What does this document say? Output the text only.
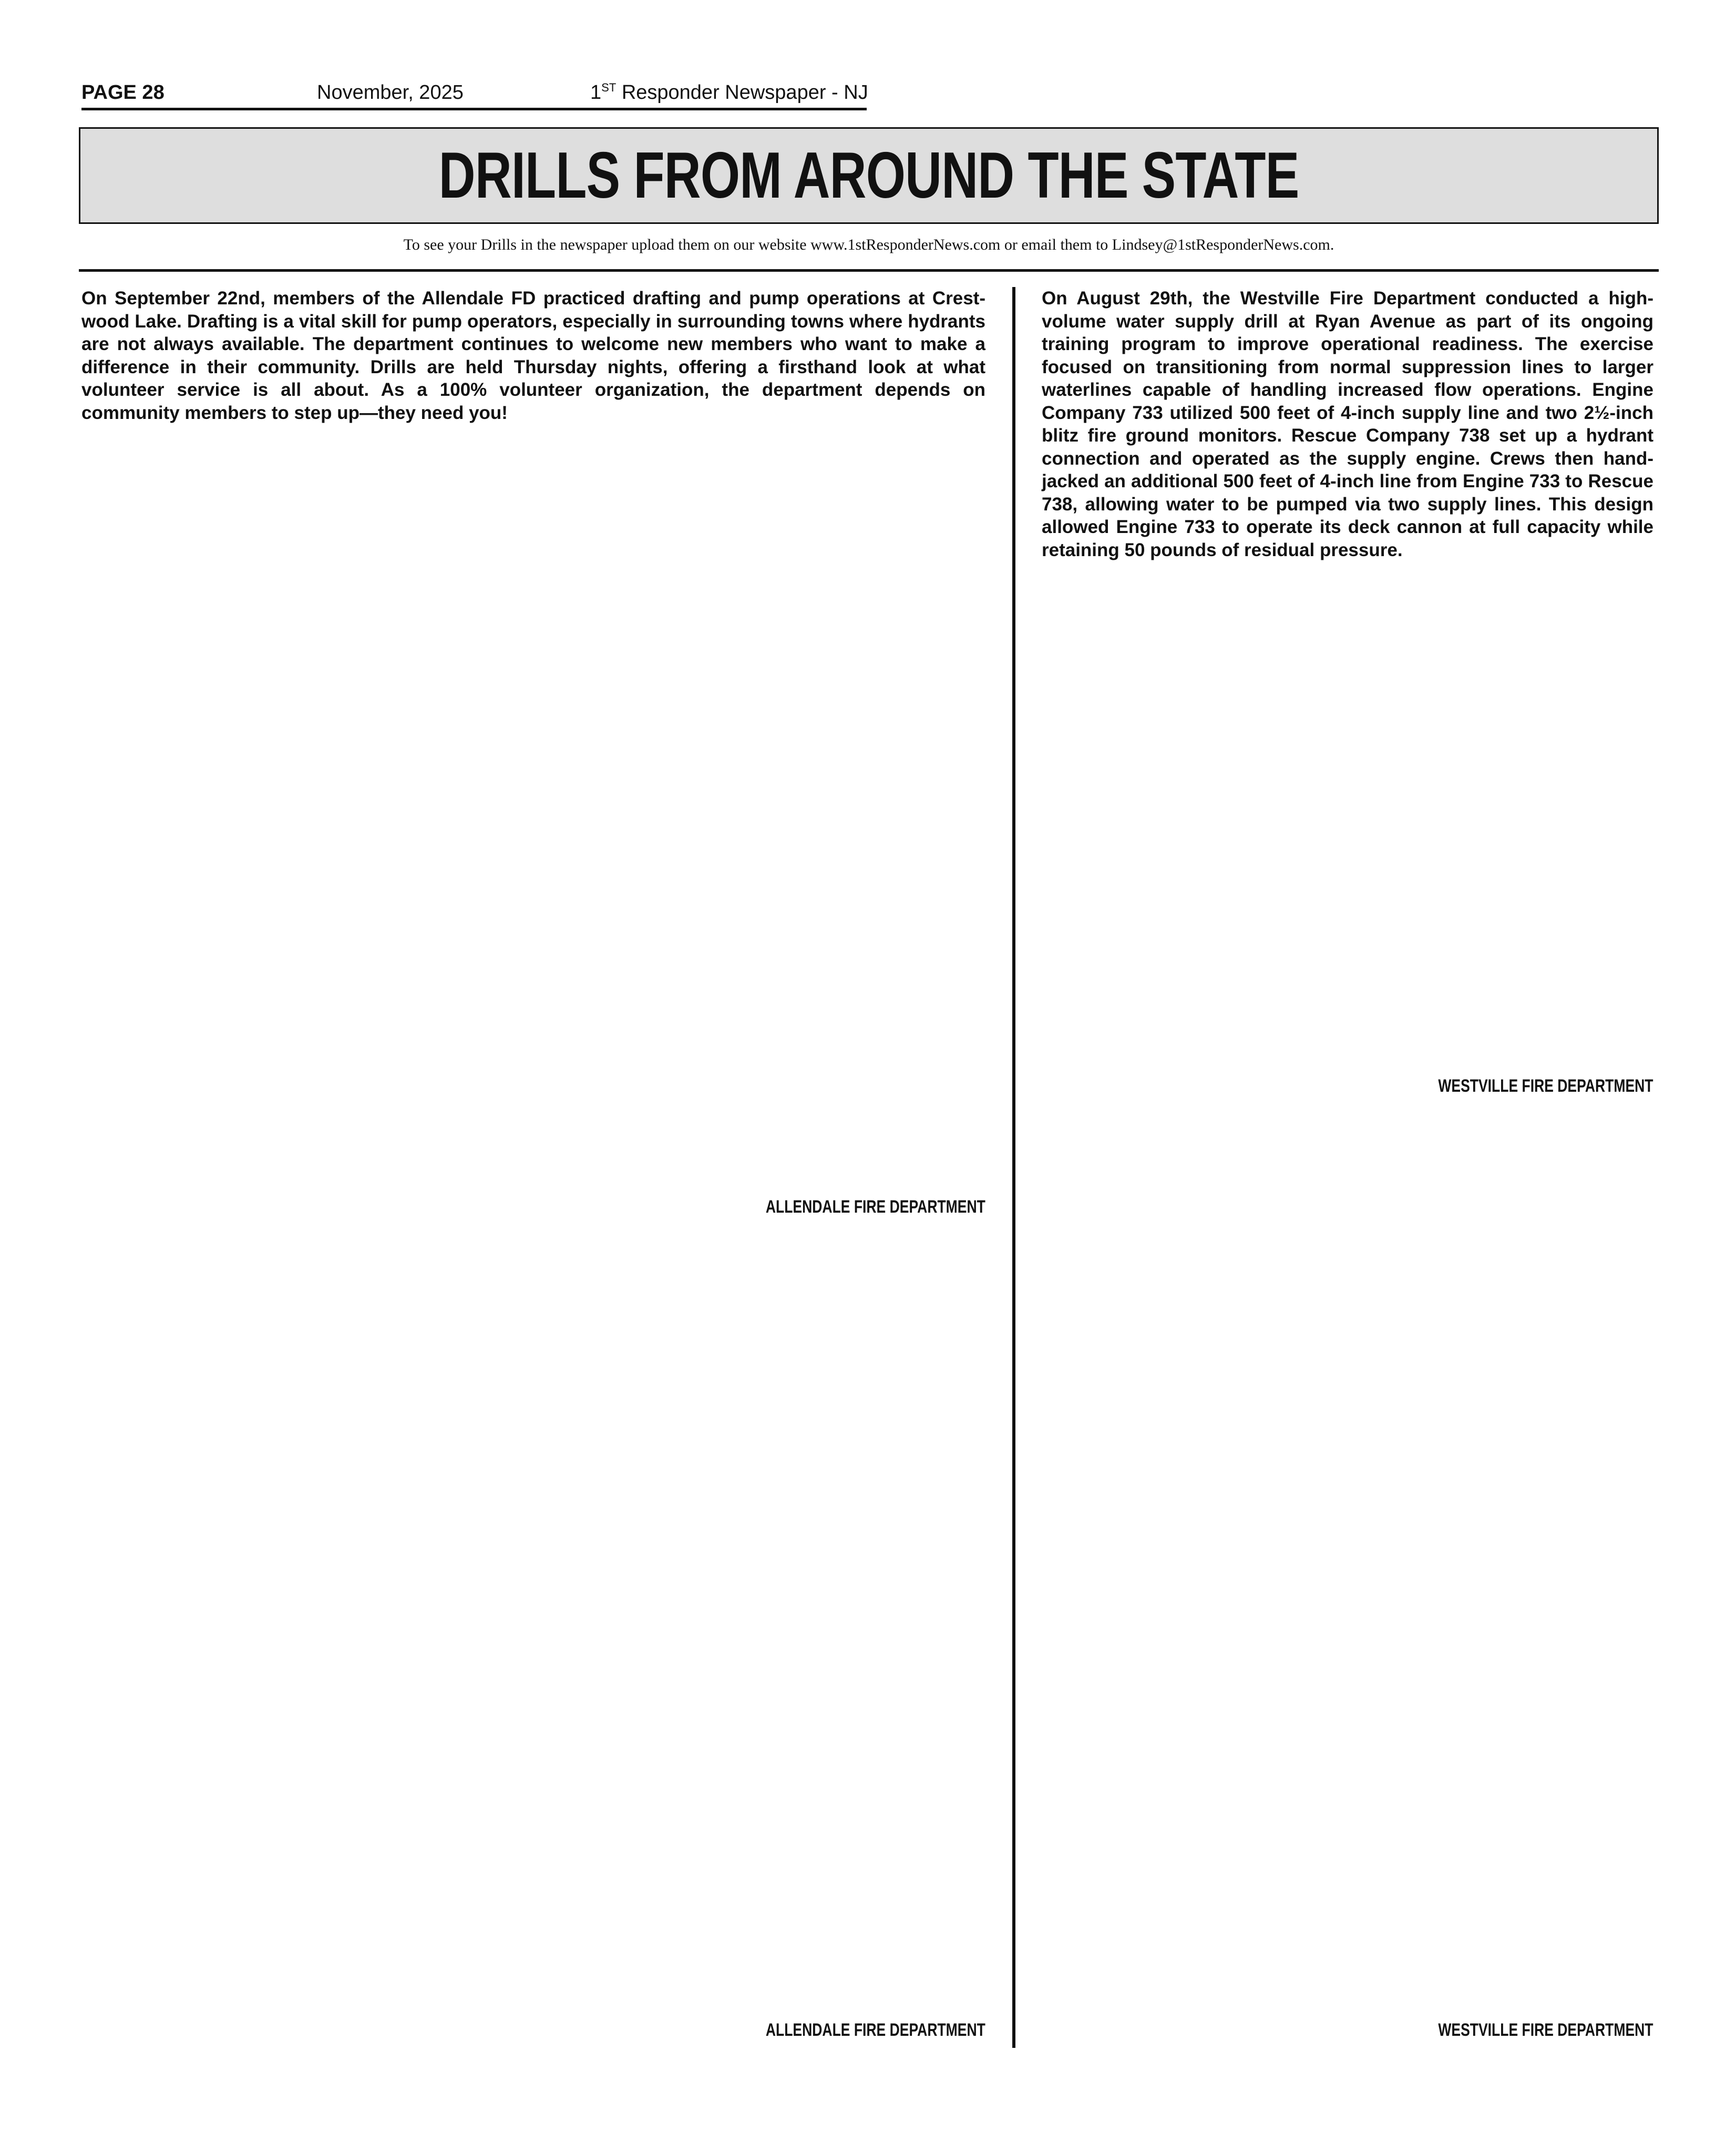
PAGE 28	November, 2025	1ST Responder Newspaper - NJ
DRILLS FROM AROUND THE STATE
To see your Drills in the newspaper upload them on our website www.1stResponderNews.com or email them to Lindsey@1stResponderNews.com.

On September 22nd, members of the Allendale FD practiced drafting and pump operations at Crestwood Lake. Drafting is a vital skill for pump operators, especially in surrounding towns where hydrants are not always available. The department continues to welcome new members who want to make a difference in their community. Drills are held Thursday nights, offering a firsthand look at what volunteer service is all about. As a 100% volunteer organization, the department depends on community members to step up—they need you!

ALLENDALE FIRE DEPARTMENT
ALLENDALE FIRE DEPARTMENT

On August 29th, the Westville Fire Department conducted a high-volume water supply drill at Ryan Avenue as part of its ongoing training program to improve operational readiness. The exercise focused on transitioning from normal suppression lines to larger waterlines capable of handling increased flow operations. Engine Company 733 utilized 500 feet of 4-inch supply line and two 2½-inch blitz fire ground monitors. Rescue Company 738 set up a hydrant connection and operated as the supply engine. Crews then hand-jacked an additional 500 feet of 4-inch line from Engine 733 to Rescue 738, allowing water to be pumped via two supply lines. This design allowed Engine 733 to operate its deck cannon at full capacity while retaining 50 pounds of residual pressure.

WESTVILLE FIRE DEPARTMENT
WESTVILLE FIRE DEPARTMENT
